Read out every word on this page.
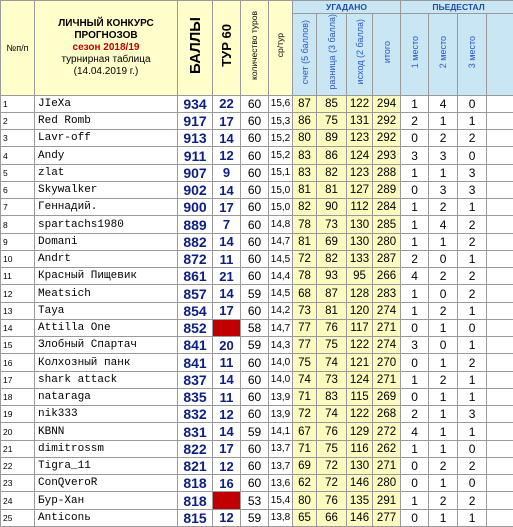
№п/п	ЛИЧНЫЙ КОНКУРС
ПРОГНОЗОВ
сезон 2018/19
турнирная таблица
(14.04.2019 г.)	БАЛЛЫ	ТУР 60	количество туров	ср/тур	УГАДАНО				ПЬЕДЕСТАЛ			
						счет (5 баллов)	разница (3 балла)	исход (2 балла)	итого	1 место	2 место	3 место	
1	JIeXa	934	22	60	15,6	87	85	122	294	1	4	0	
2	Red Romb	917	17	60	15,3	86	75	131	292	2	1	1	
3	Lavr-off	913	14	60	15,2	80	89	123	292	0	2	2	
4	Andy	911	12	60	15,2	83	86	124	293	3	3	0	
5	zlat	907	9	60	15,1	83	82	123	288	1	1	3	
6	Skywalker	902	14	60	15,0	81	81	127	289	0	3	3	
7	Геннадий.	900	17	60	15,0	82	90	112	284	1	2	1	
8	spartachs1980	889	7	60	14,8	78	73	130	285	1	4	2	
9	Domani	882	14	60	14,7	81	69	130	280	1	1	2	
10	Andrt	872	11	60	14,5	72	82	133	287	2	0	1	
11	Красный Пищевик	861	21	60	14,4	78	93	95	266	4	2	2	
12	Meatsich	857	14	59	14,5	68	87	128	283	1	0	2	
13	Taya	854	17	60	14,2	73	81	120	274	1	2	1	
14	Attilla One	852		58	14,7	77	76	117	271	0	1	0	
15	Злобный Спартач	841	20	59	14,3	77	75	122	274	3	0	1	
16	Колхозный панк	841	11	60	14,0	75	74	121	270	0	1	2	
17	shark attack	837	14	60	14,0	74	73	124	271	1	2	1	
18	nataraga	835	11	60	13,9	71	83	115	269	0	1	1	
19	nik333	832	12	60	13,9	72	74	122	268	2	1	3	
20	KBNN	831	14	59	14,1	67	76	129	272	4	1	1	
21	dimitrossm	822	17	60	13,7	71	75	116	262	1	1	0	
22	Tigra_11	821	12	60	13,7	69	72	130	271	0	2	2	
23	ConQveroR	818	16	60	13,6	62	72	146	280	0	1	0	
24	Бур-Хан	818		53	15,4	80	76	135	291	1	2	2	
25	Anticonь	815	12	59	13,8	65	66	146	277	0	1	1	
